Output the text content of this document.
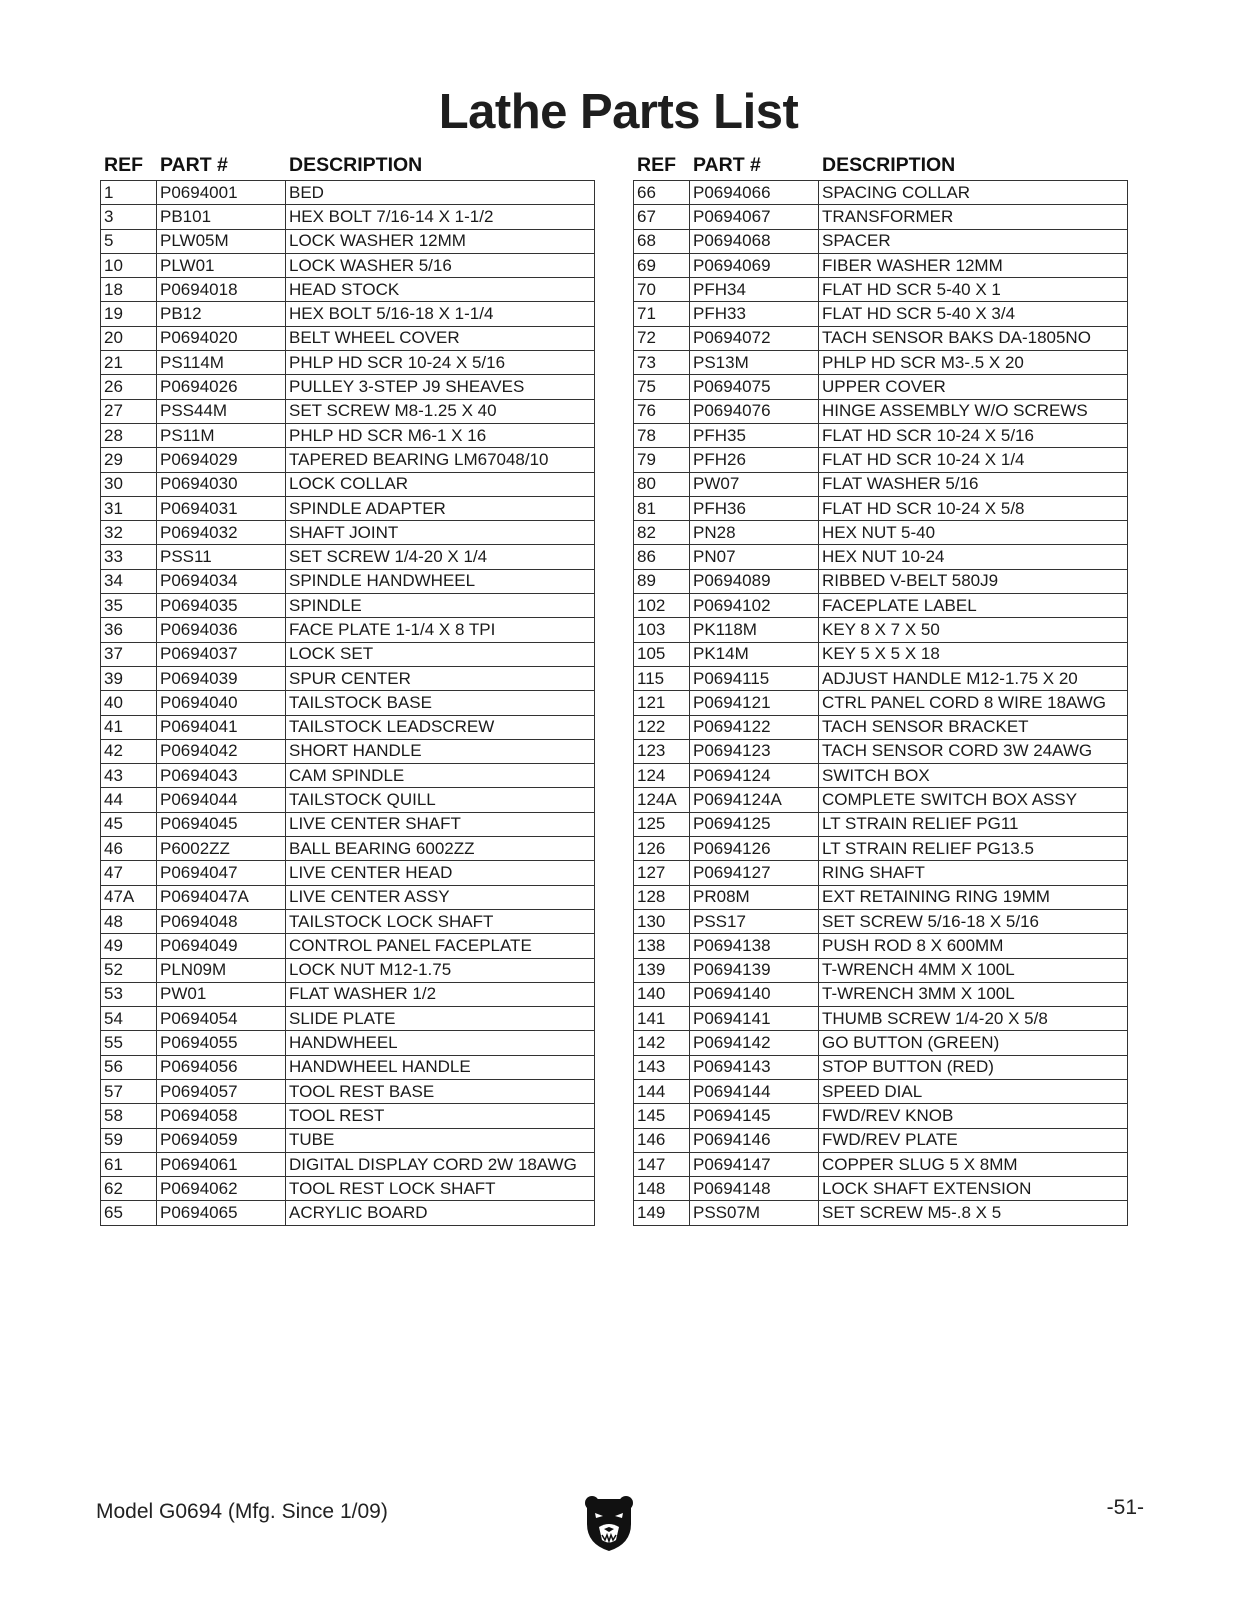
Lathe Parts List
REF PART #	DESCRIPTION
1	P0694001	BED
3	PB101	HEX BOLT 7/16-14 X 1-1/2
5	PLW05M	LOCK WASHER 12MM
10	PLW01	LOCK WASHER 5/16
18	P0694018	HEAD STOCK
19	PB12	HEX BOLT 5/16-18 X 1-1/4
20	P0694020	BELT WHEEL COVER
21	PS114M	PHLP HD SCR 10-24 X 5/16
26	P0694026	PULLEY 3-STEP J9 SHEAVES
27	PSS44M	SET SCREW M8-1.25 X 40
28	PS11M	PHLP HD SCR M6-1 X 16
29	P0694029	TAPERED BEARING LM67048/10
30	P0694030	LOCK COLLAR
31	P0694031	SPINDLE ADAPTER
32	P0694032	SHAFT JOINT
33	PSS11	SET SCREW 1/4-20 X 1/4
34	P0694034	SPINDLE HANDWHEEL
35	P0694035	SPINDLE
36	P0694036	FACE PLATE 1-1/4 X 8 TPI
37	P0694037	LOCK SET
39	P0694039	SPUR CENTER
40	P0694040	TAILSTOCK BASE
41	P0694041	TAILSTOCK LEADSCREW
42	P0694042	SHORT HANDLE
43	P0694043	CAM SPINDLE
44	P0694044	TAILSTOCK QUILL
45	P0694045	LIVE CENTER SHAFT
46	P6002ZZ	BALL BEARING 6002ZZ
47	P0694047	LIVE CENTER HEAD
47A	P0694047A	LIVE CENTER ASSY
48	P0694048	TAILSTOCK LOCK SHAFT
49	P0694049	CONTROL PANEL FACEPLATE
52	PLN09M	LOCK NUT M12-1.75
53	PW01	FLAT WASHER 1/2
54	P0694054	SLIDE PLATE
55	P0694055	HANDWHEEL
56	P0694056	HANDWHEEL HANDLE
57	P0694057	TOOL REST BASE
58	P0694058	TOOL REST
59	P0694059	TUBE
61	P0694061	DIGITAL DISPLAY CORD 2W 18AWG
62	P0694062	TOOL REST LOCK SHAFT
65	P0694065	ACRYLIC BOARD
REF PART #	DESCRIPTION
66	P0694066	SPACING COLLAR
67	P0694067	TRANSFORMER
68	P0694068	SPACER
69	P0694069	FIBER WASHER 12MM
70	PFH34	FLAT HD SCR 5-40 X 1
71	PFH33	FLAT HD SCR 5-40 X 3/4
72	P0694072	TACH SENSOR BAKS DA-1805NO
73	PS13M	PHLP HD SCR M3-.5 X 20
75	P0694075	UPPER COVER
76	P0694076	HINGE ASSEMBLY W/O SCREWS
78	PFH35	FLAT HD SCR 10-24 X 5/16
79	PFH26	FLAT HD SCR 10-24 X 1/4
80	PW07	FLAT WASHER 5/16
81	PFH36	FLAT HD SCR 10-24 X 5/8
82	PN28	HEX NUT 5-40
86	PN07	HEX NUT 10-24
89	P0694089	RIBBED V-BELT 580J9
102	P0694102	FACEPLATE LABEL
103	PK118M	KEY 8 X 7 X 50
105	PK14M	KEY 5 X 5 X 18
115	P0694115	ADJUST HANDLE M12-1.75 X 20
121	P0694121	CTRL PANEL CORD 8 WIRE 18AWG
122	P0694122	TACH SENSOR BRACKET
123	P0694123	TACH SENSOR CORD 3W 24AWG
124	P0694124	SWITCH BOX
124A	P0694124A	COMPLETE SWITCH BOX ASSY
125	P0694125	LT STRAIN RELIEF PG11
126	P0694126	LT STRAIN RELIEF PG13.5
127	P0694127	RING SHAFT
128	PR08M	EXT RETAINING RING 19MM
130	PSS17	SET SCREW 5/16-18 X 5/16
138	P0694138	PUSH ROD 8 X 600MM
139	P0694139	T-WRENCH 4MM X 100L
140	P0694140	T-WRENCH 3MM X 100L
141	P0694141	THUMB SCREW 1/4-20 X 5/8
142	P0694142	GO BUTTON (GREEN)
143	P0694143	STOP BUTTON (RED)
144	P0694144	SPEED DIAL
145	P0694145	FWD/REV KNOB
146	P0694146	FWD/REV PLATE
147	P0694147	COPPER SLUG 5 X 8MM
148	P0694148	LOCK SHAFT EXTENSION
149	PSS07M	SET SCREW M5-.8 X 5
Model G0694 (Mfg. Since 1/09)	-51-
